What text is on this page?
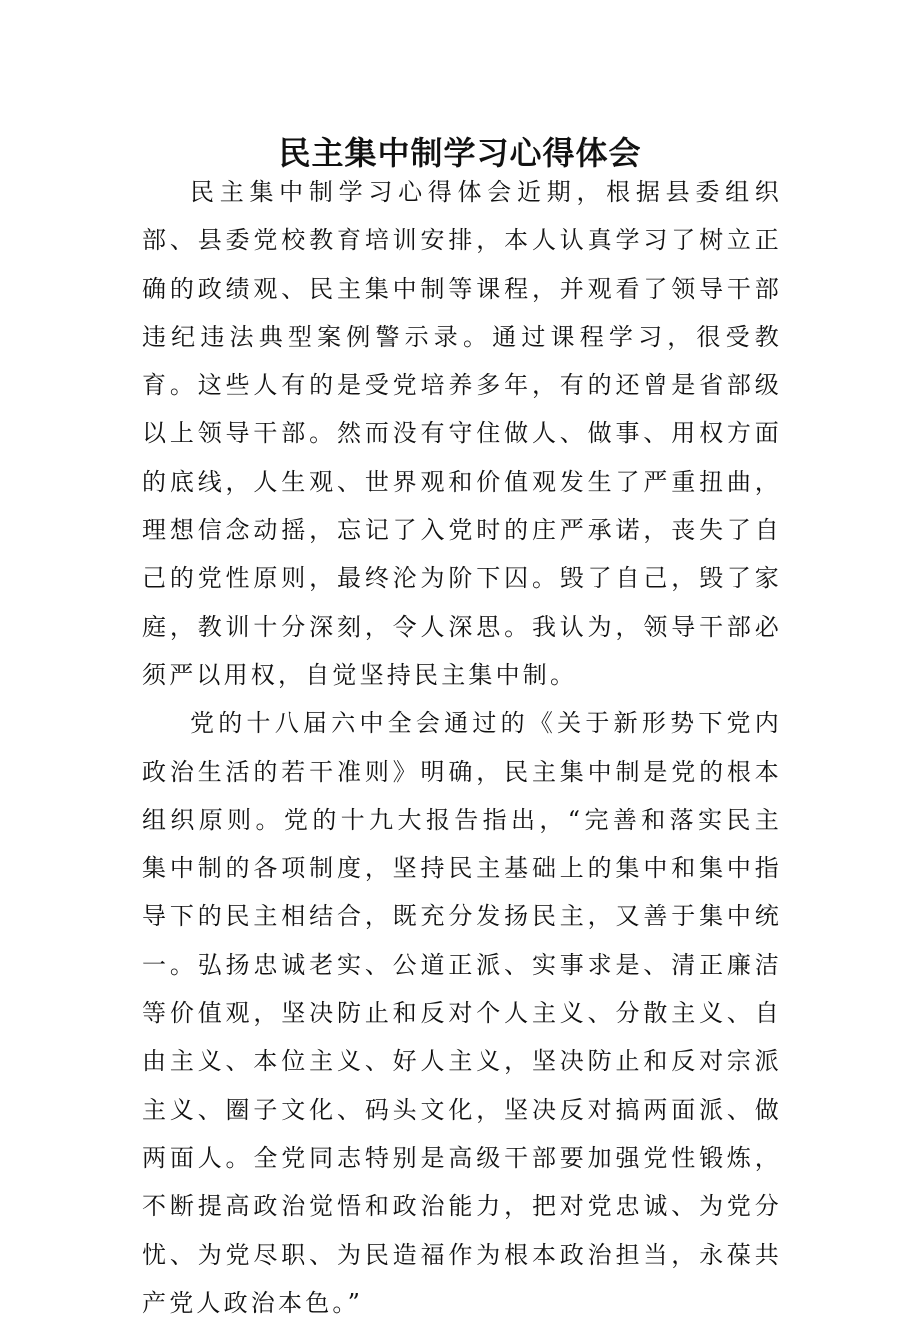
民主集中制学习心得体会

民主集中制学习心得体会近期，根据县委组织部、县委党校教育培训安排，本人认真学习了树立正确的政绩观、民主集中制等课程，并观看了领导干部违纪违法典型案例警示录。通过课程学习，很受教育。这些人有的是受党培养多年，有的还曾是省部级以上领导干部。然而没有守住做人、做事、用权方面的底线，人生观、世界观和价值观发生了严重扭曲，理想信念动摇，忘记了入党时的庄严承诺，丧失了自己的党性原则，最终沦为阶下囚。毁了自己，毁了家庭，教训十分深刻，令人深思。我认为，领导干部必须严以用权，自觉坚持民主集中制。

党的十八届六中全会通过的《关于新形势下党内政治生活的若干准则》明确，民主集中制是党的根本组织原则。党的十九大报告指出，“完善和落实民主集中制的各项制度，坚持民主基础上的集中和集中指导下的民主相结合，既充分发扬民主，又善于集中统一。弘扬忠诚老实、公道正派、实事求是、清正廉洁等价值观，坚决防止和反对个人主义、分散主义、自由主义、本位主义、好人主义，坚决防止和反对宗派主义、圈子文化、码头文化，坚决反对搞两面派、做两面人。全党同志特别是高级干部要加强党性锻炼，不断提高政治觉悟和政治能力，把对党忠诚、为党分忧、为党尽职、为民造福作为根本政治担当，永葆共产党人政治本色。”
